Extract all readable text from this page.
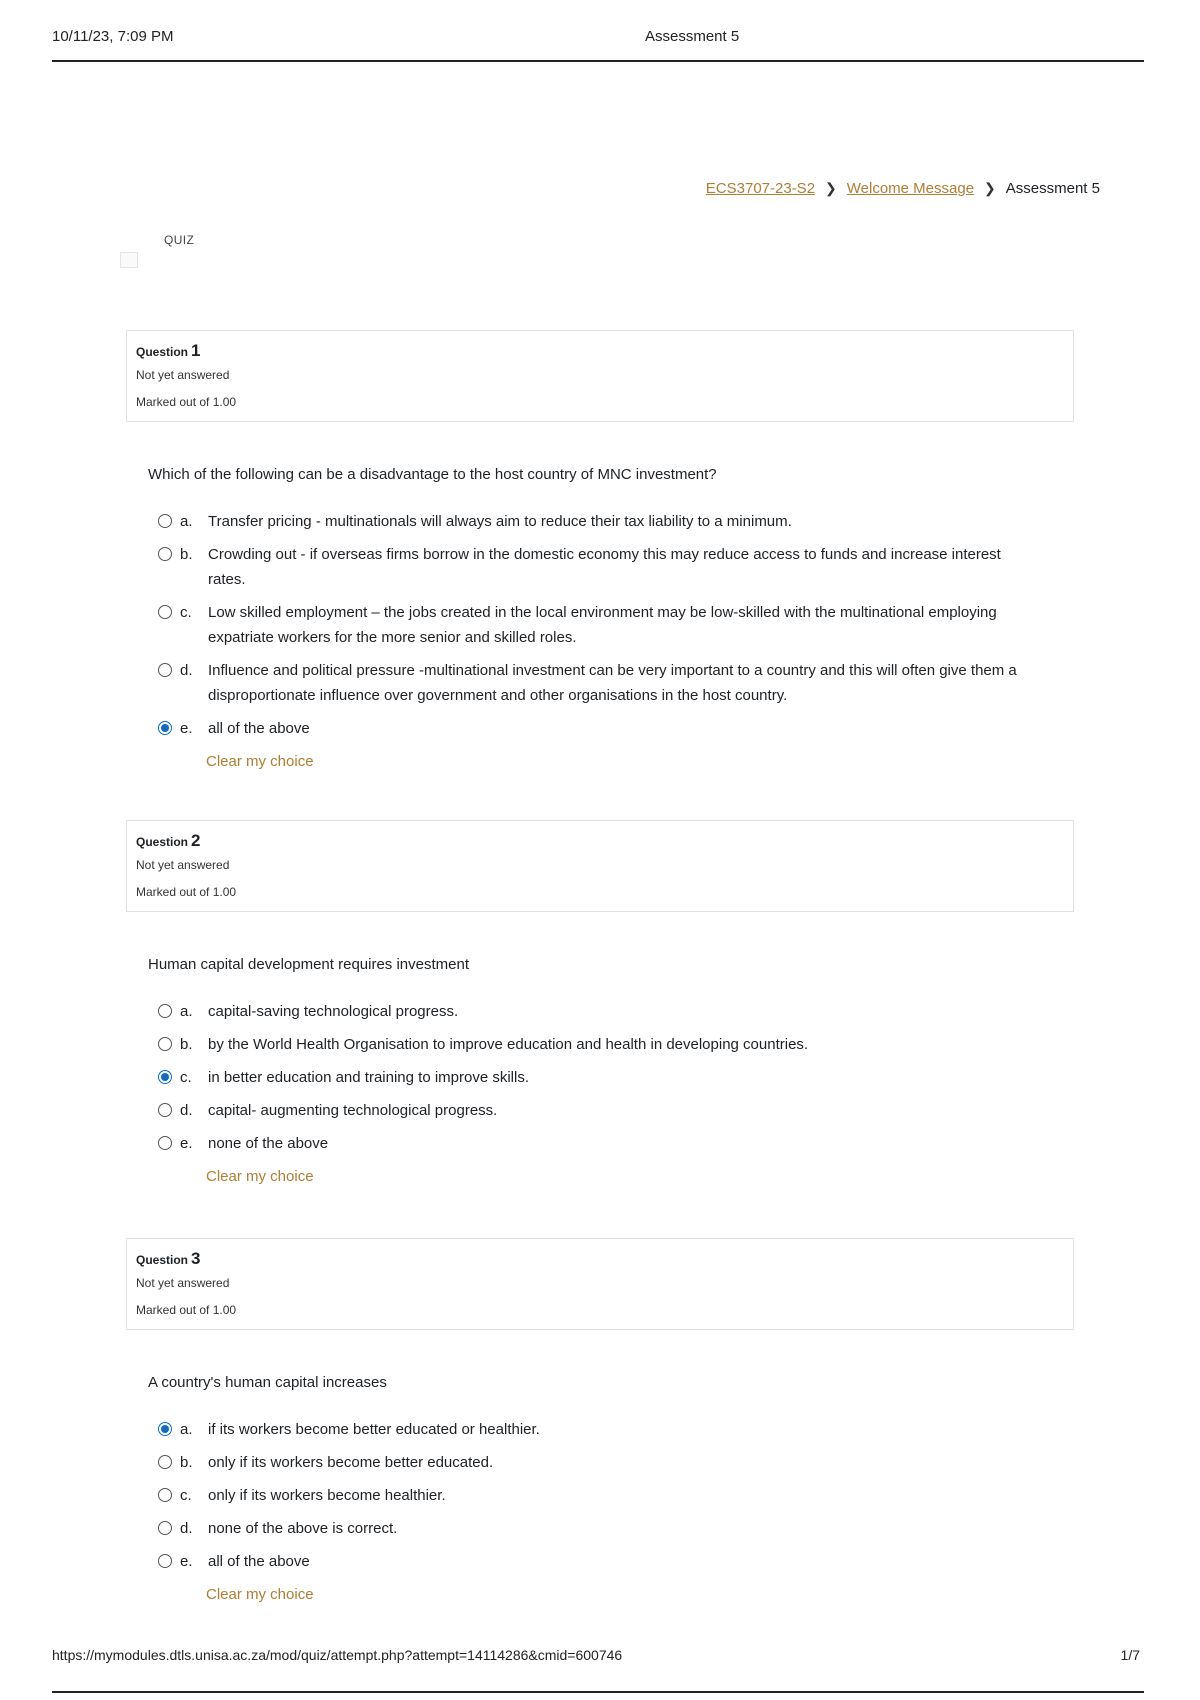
10/11/23, 7:09 PM	Assessment 5
ECS3707-23-S2 ❯ Welcome Message ❯ Assessment 5
QUIZ
Question 1
Not yet answered
Marked out of 1.00
Which of the following can be a disadvantage to the host country of MNC investment?
a.	Transfer pricing - multinationals will always aim to reduce their tax liability to a minimum.
b.	Crowding out - if overseas firms borrow in the domestic economy this may reduce access to funds and increase interest rates.
c.	Low skilled employment – the jobs created in the local environment may be low-skilled with the multinational employing expatriate workers for the more senior and skilled roles.
d.	Influence and political pressure -multinational investment can be very important to a country and this will often give them a disproportionate influence over government and other organisations in the host country.
e.	all of the above
Clear my choice
Question 2
Not yet answered
Marked out of 1.00
Human capital development requires investment
a.	capital-saving technological progress.
b.	by the World Health Organisation to improve education and health in developing countries.
c.	in better education and training to improve skills.
d.	capital- augmenting technological progress.
e.	none of the above
Clear my choice
Question 3
Not yet answered
Marked out of 1.00
A country's human capital increases
a.	if its workers become better educated or healthier.
b.	only if its workers become better educated.
c.	only if its workers become healthier.
d.	none of the above is correct.
e.	all of the above
Clear my choice
https://mymodules.dtls.unisa.ac.za/mod/quiz/attempt.php?attempt=14114286&cmid=600746	1/7
